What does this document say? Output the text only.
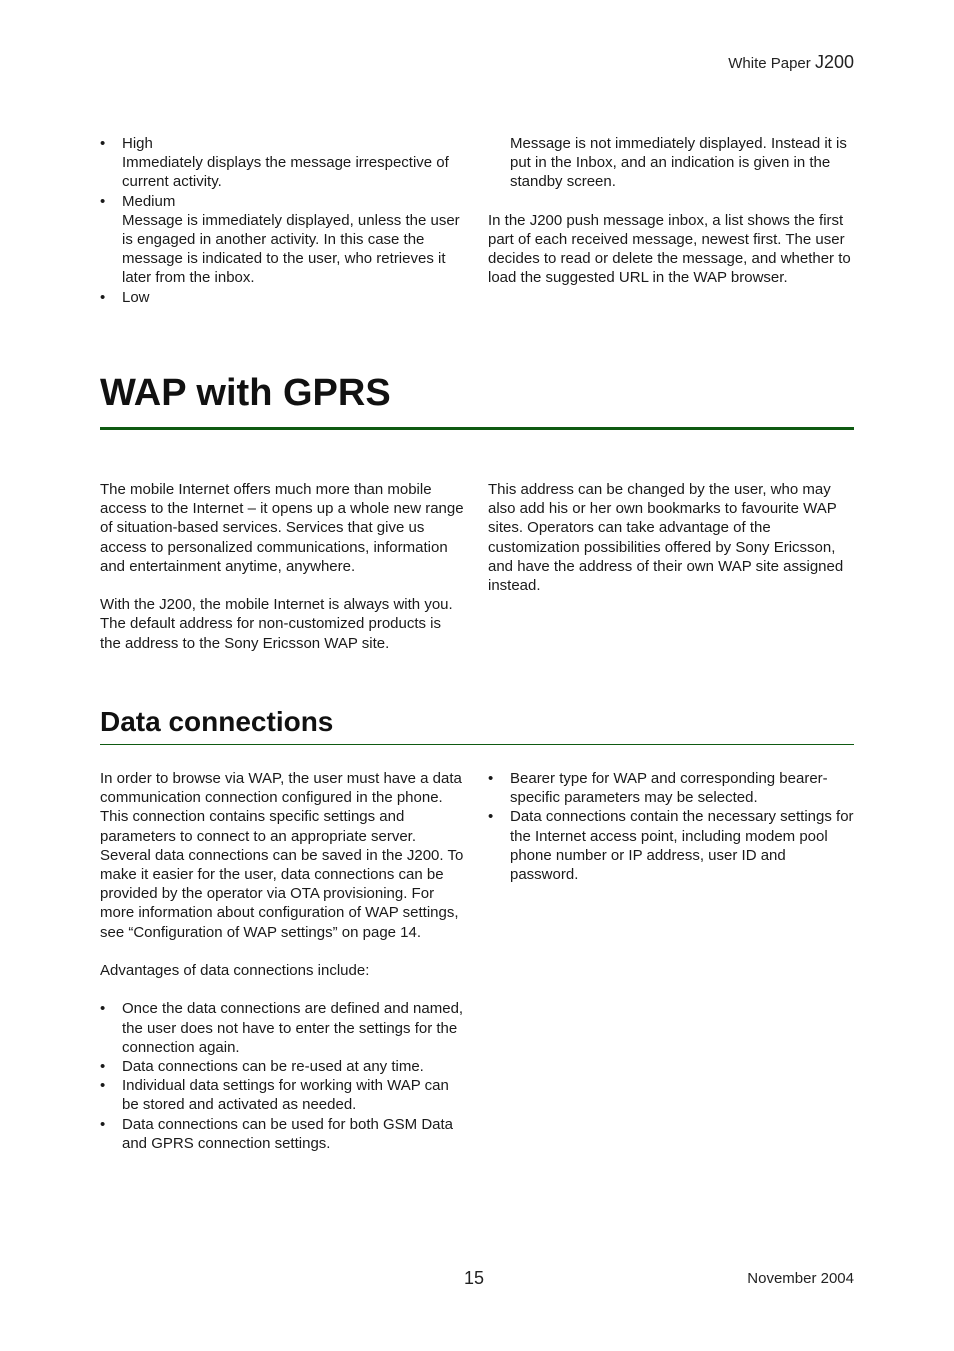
White Paper J200
• High
Immediately displays the message irrespective of current activity.
• Medium
Message is immediately displayed, unless the user is engaged in another activity. In this case the message is indicated to the user, who retrieves it later from the inbox.
• Low

Message is not immediately displayed. Instead it is put in the Inbox, and an indication is given in the standby screen.

In the J200 push message inbox, a list shows the first part of each received message, newest first. The user decides to read or delete the message, and whether to load the suggested URL in the WAP browser.

WAP with GPRS

The mobile Internet offers much more than mobile access to the Internet – it opens up a whole new range of situation-based services. Services that give us access to personalized communications, information and entertainment anytime, anywhere.

With the J200, the mobile Internet is always with you. The default address for non-customized products is the address to the Sony Ericsson WAP site.

This address can be changed by the user, who may also add his or her own bookmarks to favourite WAP sites. Operators can take advantage of the customization possibilities offered by Sony Ericsson, and have the address of their own WAP site assigned instead.

Data connections

In order to browse via WAP, the user must have a data communication connection configured in the phone. This connection contains specific settings and parameters to connect to an appropriate server. Several data connections can be saved in the J200. To make it easier for the user, data connections can be provided by the operator via OTA provisioning. For more information about configuration of WAP settings, see “Configuration of WAP settings” on page 14.

Advantages of data connections include:

• Once the data connections are defined and named, the user does not have to enter the settings for the connection again.
• Data connections can be re-used at any time.
• Individual data settings for working with WAP can be stored and activated as needed.
• Data connections can be used for both GSM Data and GPRS connection settings.
• Bearer type for WAP and corresponding bearer-specific parameters may be selected.
• Data connections contain the necessary settings for the Internet access point, including modem pool phone number or IP address, user ID and password.
15	November 2004
